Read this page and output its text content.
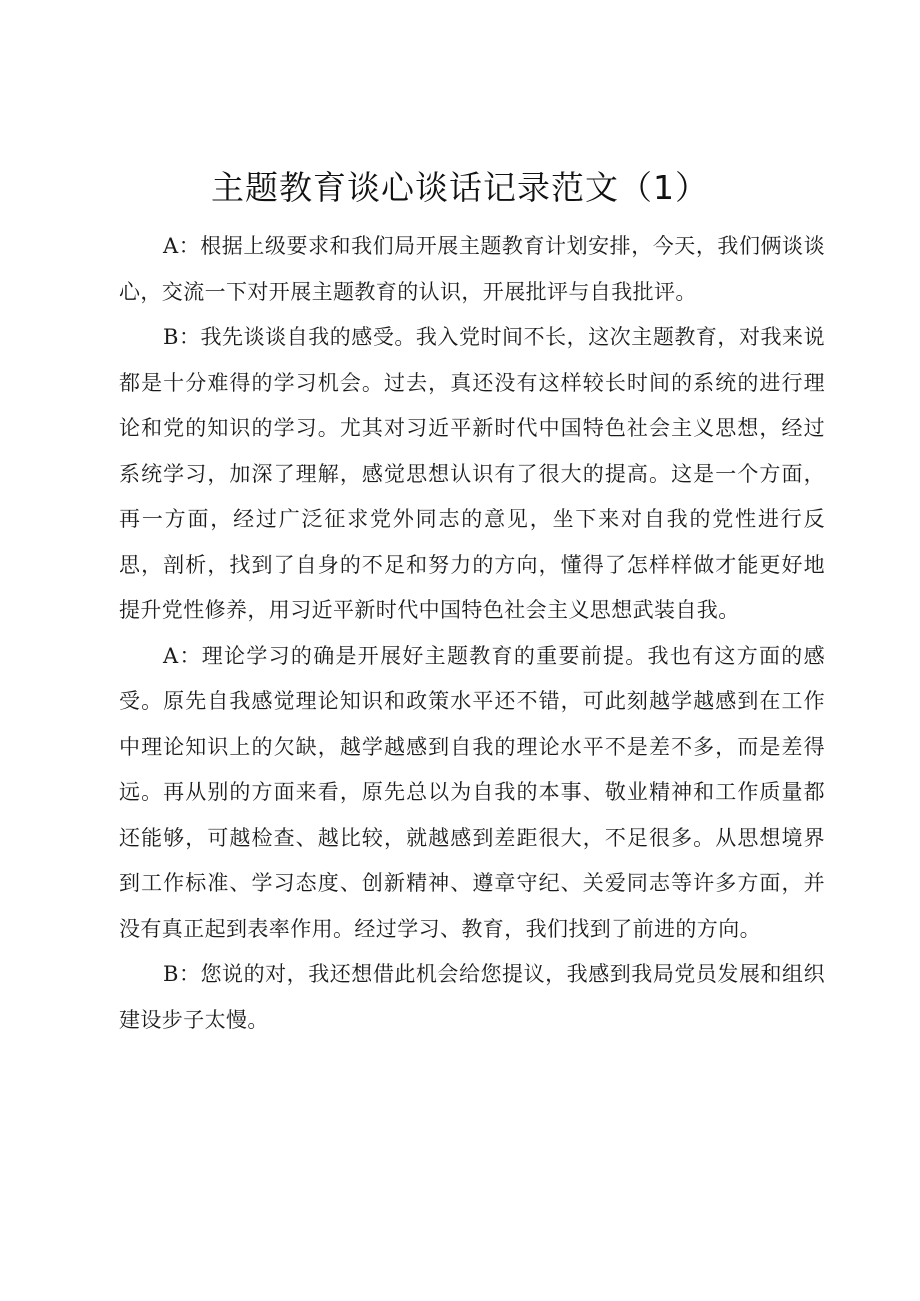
主题教育谈心谈话记录范文（1）

A：根据上级要求和我们局开展主题教育计划安排，今天，我们俩谈谈心，交流一下对开展主题教育的认识，开展批评与自我批评。

B：我先谈谈自我的感受。我入党时间不长，这次主题教育，对我来说都是十分难得的学习机会。过去，真还没有这样较长时间的系统的进行理论和党的知识的学习。尤其对习近平新时代中国特色社会主义思想，经过系统学习，加深了理解，感觉思想认识有了很大的提高。这是一个方面，再一方面，经过广泛征求党外同志的意见，坐下来对自我的党性进行反思，剖析，找到了自身的不足和努力的方向，懂得了怎样样做才能更好地提升党性修养，用习近平新时代中国特色社会主义思想武装自我。

A：理论学习的确是开展好主题教育的重要前提。我也有这方面的感受。原先自我感觉理论知识和政策水平还不错，可此刻越学越感到在工作中理论知识上的欠缺，越学越感到自我的理论水平不是差不多，而是差得远。再从别的方面来看，原先总以为自我的本事、敬业精神和工作质量都还能够，可越检查、越比较，就越感到差距很大，不足很多。从思想境界到工作标准、学习态度、创新精神、遵章守纪、关爱同志等许多方面，并没有真正起到表率作用。经过学习、教育，我们找到了前进的方向。

B：您说的对，我还想借此机会给您提议，我感到我局党员发展和组织建设步子太慢。
